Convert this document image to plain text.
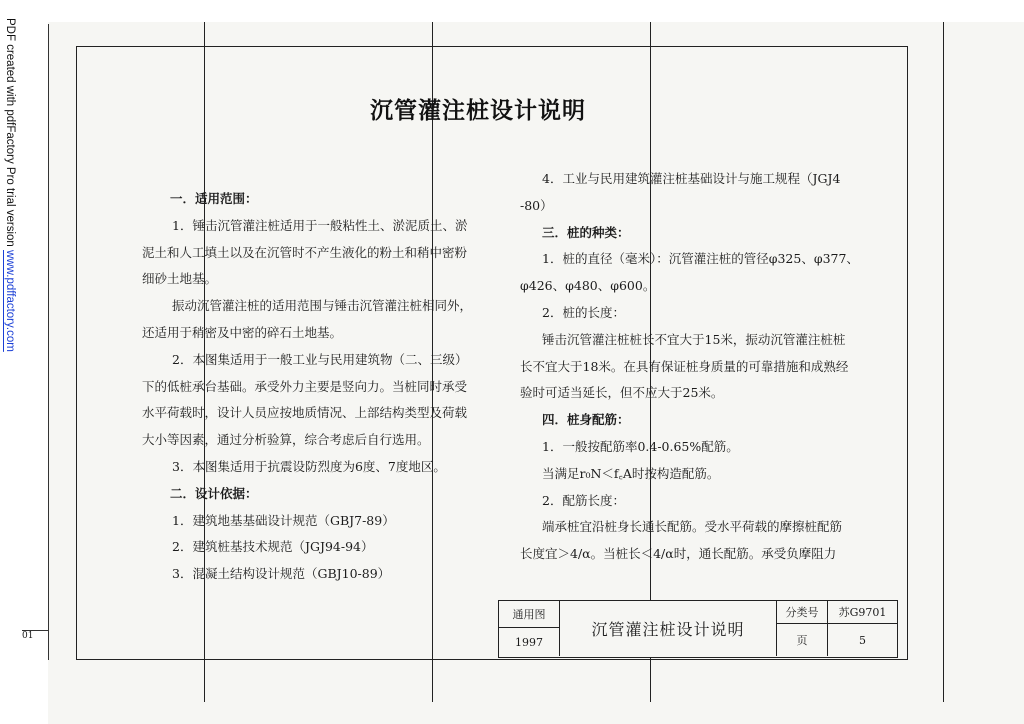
PDF created with pdfFactory Pro trial version www.pdffactory.com
01
沉管灌注桩设计说明
一．适用范围：
1．锤击沉管灌注桩适用于一般粘性土、淤泥质土、淤
泥土和人工填土以及在沉管时不产生液化的粉土和稍中密粉
细砂土地基。
振动沉管灌注桩的适用范围与锤击沉管灌注桩相同外，
还适用于稍密及中密的碎石土地基。
2．本图集适用于一般工业与民用建筑物（二、三级）
下的低桩承台基础。承受外力主要是竖向力。当桩同时承受
水平荷载时，设计人员应按地质情况、上部结构类型及荷载
大小等因素，通过分析验算，综合考虑后自行选用。
3．本图集适用于抗震设防烈度为6度、7度地区。
二．设计依据：
1．建筑地基基础设计规范（GBJ7-89）
2．建筑桩基技术规范（JGJ94-94）
3．混凝土结构设计规范（GBJ10-89）
4．工业与民用建筑灌注桩基础设计与施工规程（JGJ4
-80）
三．桩的种类：
1．桩的直径（毫米）：沉管灌注桩的管径φ325、φ377、
φ426、φ480、φ600。
2．桩的长度：
锤击沉管灌注桩桩长不宜大于15米，振动沉管灌注桩桩
长不宜大于18米。在具有保证桩身质量的可靠措施和成熟经
验时可适当延长，但不应大于25米。
四．桩身配筋：
1．一般按配筋率0.4-0.65%配筋。
当满足r₀N＜f꜀A时按构造配筋。
2．配筋长度：
端承桩宜沿桩身长通长配筋。受水平荷载的摩擦桩配筋
长度宜＞4/α。当桩长＜4/α时，通长配筋。承受负摩阻力
通用图
1997
沉管灌注桩设计说明
分类号	苏G9701
页	5
